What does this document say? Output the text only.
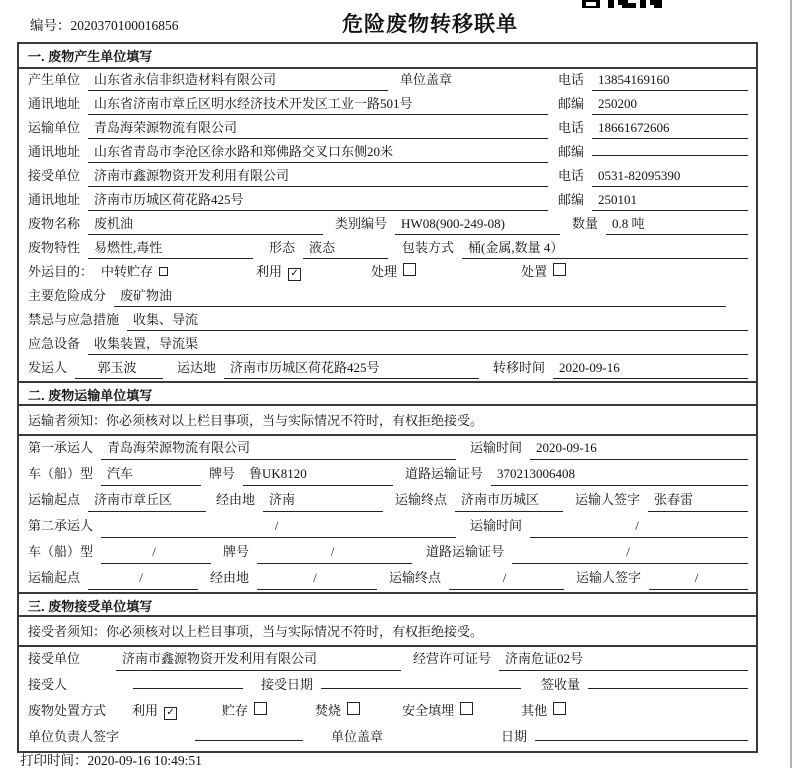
编号：2020370100016856	危险废物转移联单
一. 废物产生单位填写
产生单位	山东省永信非织造材料有限公司	单位盖章	电话	13854169160
通讯地址	山东省济南市章丘区明水经济技术开发区工业一路501号	邮编	250200
运输单位	青岛海荣源物流有限公司	电话	18661672606
通讯地址	山东省青岛市李沧区徐水路和郑佛路交叉口东侧20米	邮编
接受单位	济南市鑫源物资开发利用有限公司	电话	0531-82095390
通讯地址	济南市历城区荷花路425号	邮编	250101
废物名称	废机油	类别编号	HW08(900-249-08)	数量	0.8 吨
废物特性	易燃性,毒性	形态	液态	包装方式	桶(金属,数量 4）
外运目的： 中转贮存	利用 ✓	处理	处置
主要危险成分	废矿物油
禁忌与应急措施	收集、导流
应急设备	收集装置，导流渠
发运人	郭玉波	运达地	济南市历城区荷花路425号	转移时间	2020-09-16
二. 废物运输单位填写
运输者须知：你必须核对以上栏目事项，当与实际情况不符时，有权拒绝接受。
第一承运人	青岛海荣源物流有限公司	运输时间	2020-09-16
车（船）型	汽车	牌号	鲁UK8120	道路运输证号	370213006408
运输起点	济南市章丘区	经由地	济南	运输终点	济南市历城区	运输人签字	张春雷
第二承运人	/	运输时间	/
车（船）型	/	牌号	/	道路运输证号	/
运输起点	/	经由地	/	运输终点	/	运输人签字	/
三. 废物接受单位填写
接受者须知：你必须核对以上栏目事项，当与实际情况不符时，有权拒绝接受。
接受单位	济南市鑫源物资开发利用有限公司	经营许可证号	济南危证02号
接受人	接受日期	签收量
废物处置方式 利用 ✓	贮存	焚烧	安全填埋	其他
单位负责人签字	单位盖章	日期
打印时间：2020-09-16 10:49:51
